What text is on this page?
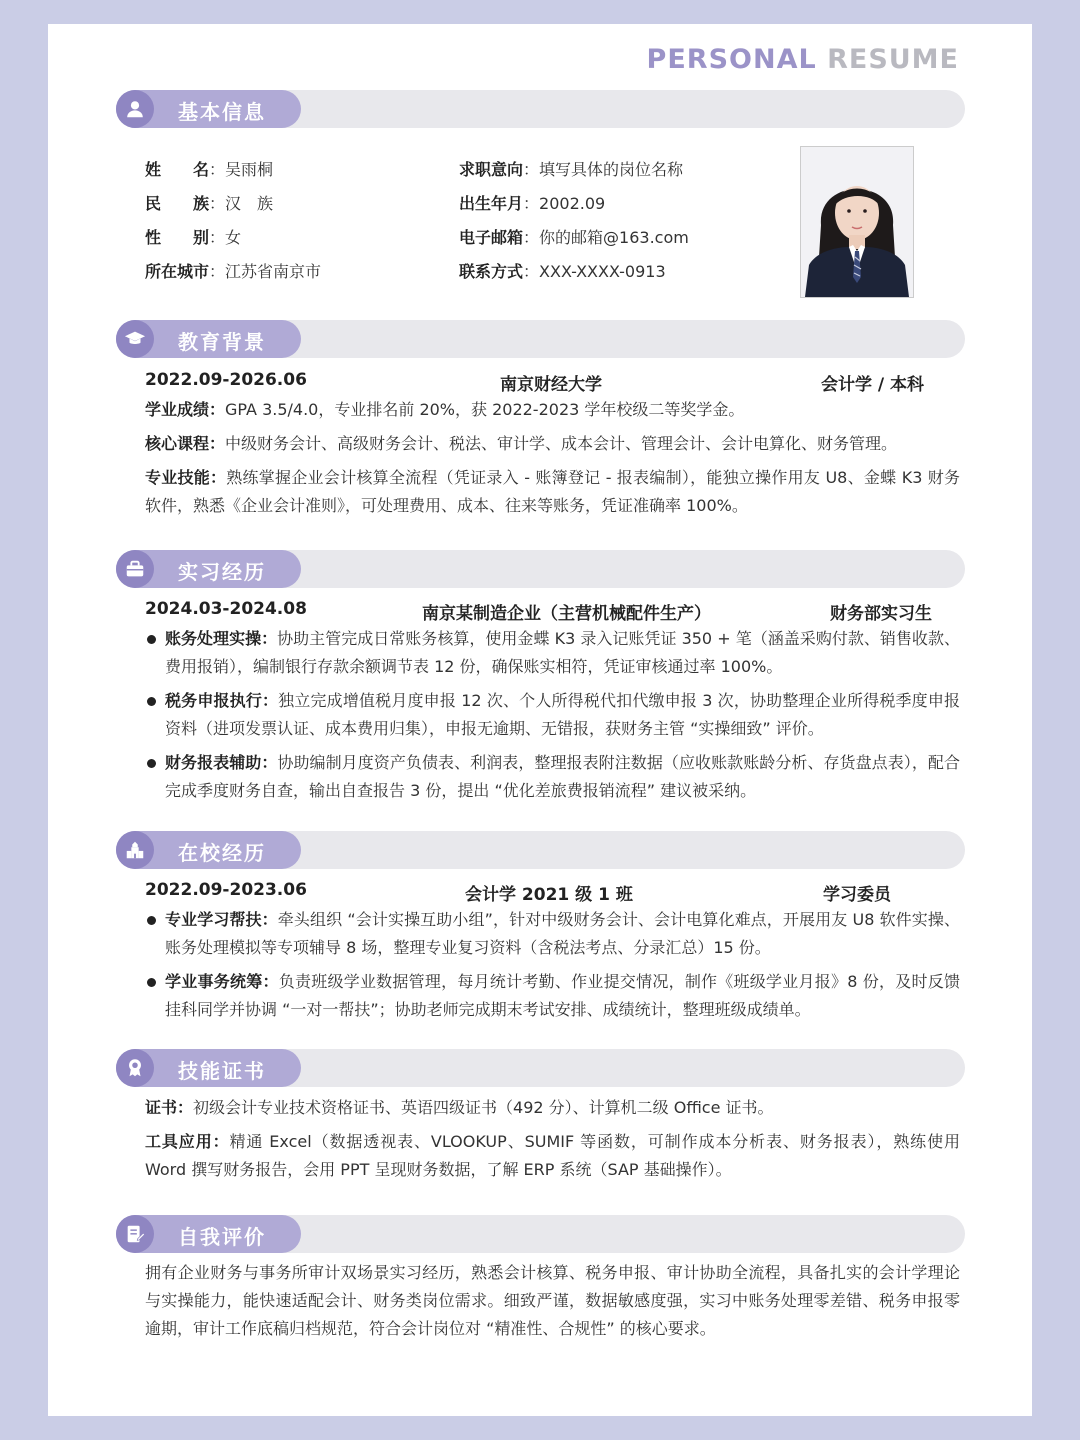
PERSONAL RESUME
基本信息
姓　　名：吴雨桐
民　　族：汉　族
性　　别：女
所在城市：江苏省南京市
求职意向：填写具体的岗位名称
出生年月：2002.09
电子邮箱：你的邮箱@163.com
联系方式：XXX-XXXX-0913
教育背景
2022.09-2026.06	南京财经大学	会计学 / 本科
学业成绩：GPA 3.5/4.0，专业排名前 20%，获 2022-2023 学年校级二等奖学金。
核心课程：中级财务会计、高级财务会计、税法、审计学、成本会计、管理会计、会计电算化、财务管理。
专业技能：熟练掌握企业会计核算全流程（凭证录入 - 账簿登记 - 报表编制），能独立操作用友 U8、金蝶 K3 财务软件，熟悉《企业会计准则》，可处理费用、成本、往来等账务，凭证准确率 100%。
实习经历
2024.03-2024.08	南京某制造企业（主营机械配件生产）	财务部实习生
账务处理实操：协助主管完成日常账务核算，使用金蝶 K3 录入记账凭证 350 + 笔（涵盖采购付款、销售收款、费用报销），编制银行存款余额调节表 12 份，确保账实相符，凭证审核通过率 100%。
税务申报执行：独立完成增值税月度申报 12 次、个人所得税代扣代缴申报 3 次，协助整理企业所得税季度申报资料（进项发票认证、成本费用归集），申报无逾期、无错报，获财务主管 “实操细致” 评价。
财务报表辅助：协助编制月度资产负债表、利润表，整理报表附注数据（应收账款账龄分析、存货盘点表），配合完成季度财务自查，输出自查报告 3 份，提出 “优化差旅费报销流程” 建议被采纳。
在校经历
2022.09-2023.06	会计学 2021 级 1 班	学习委员
专业学习帮扶：牵头组织 “会计实操互助小组”，针对中级财务会计、会计电算化难点，开展用友 U8 软件实操、账务处理模拟等专项辅导 8 场，整理专业复习资料（含税法考点、分录汇总）15 份。
学业事务统筹：负责班级学业数据管理，每月统计考勤、作业提交情况，制作《班级学业月报》8 份，及时反馈挂科同学并协调 “一对一帮扶”；协助老师完成期末考试安排、成绩统计，整理班级成绩单。
技能证书
证书：初级会计专业技术资格证书、英语四级证书（492 分）、计算机二级 Office 证书。
工具应用：精通 Excel（数据透视表、VLOOKUP、SUMIF 等函数，可制作成本分析表、财务报表），熟练使用 Word 撰写财务报告，会用 PPT 呈现财务数据，了解 ERP 系统（SAP 基础操作）。
自我评价
拥有企业财务与事务所审计双场景实习经历，熟悉会计核算、税务申报、审计协助全流程，具备扎实的会计学理论与实操能力，能快速适配会计、财务类岗位需求。细致严谨，数据敏感度强，实习中账务处理零差错、税务申报零逾期，审计工作底稿归档规范，符合会计岗位对 “精准性、合规性” 的核心要求。
